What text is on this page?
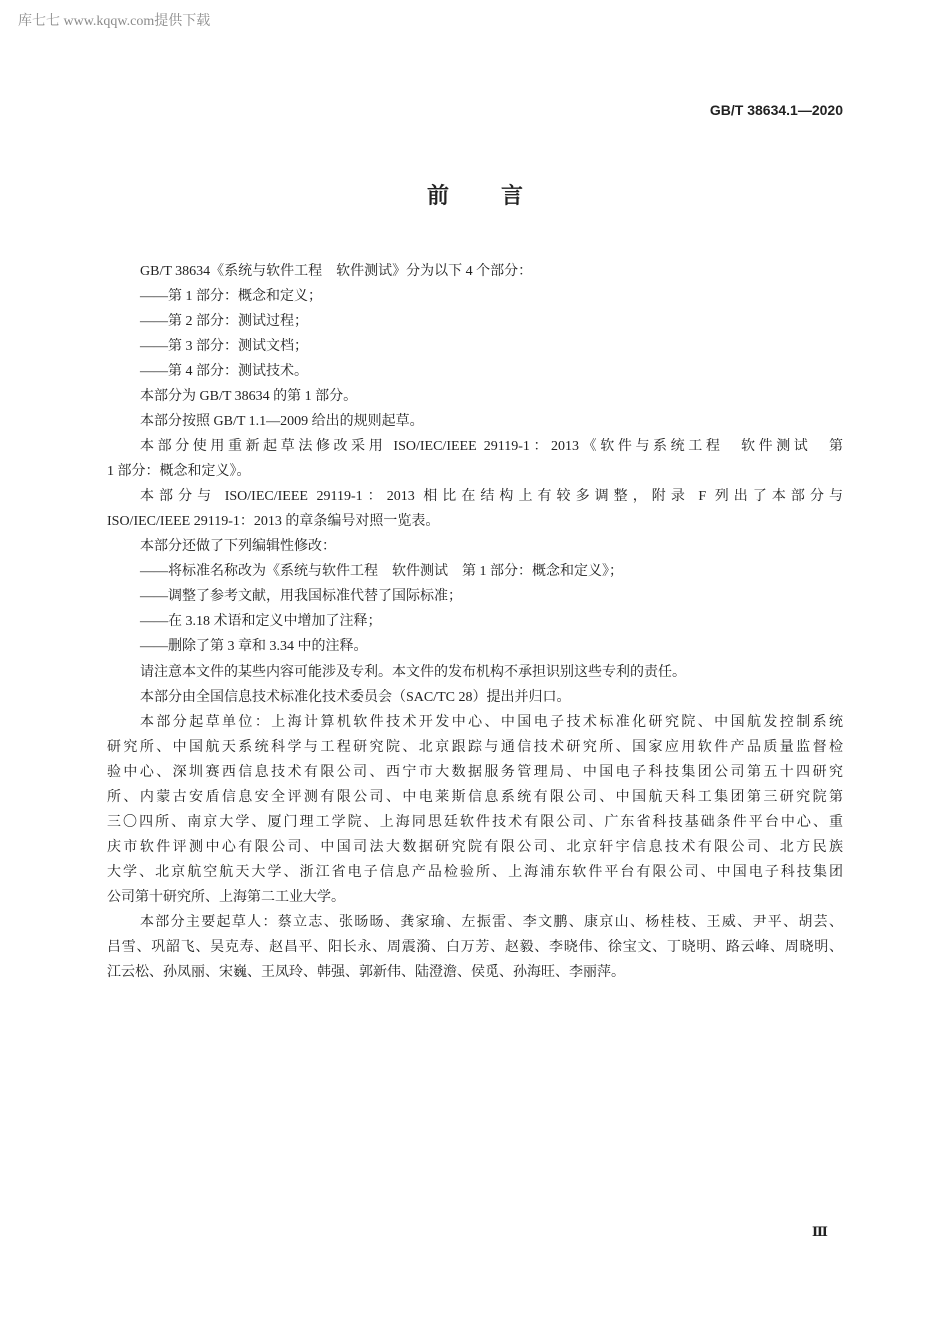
库七七 www.kqqw.com提供下载
GB/T 38634.1—2020
前　言
GB/T 38634《系统与软件工程　软件测试》分为以下 4 个部分：
——第 1 部分：概念和定义；
——第 2 部分：测试过程；
——第 3 部分：测试文档；
——第 4 部分：测试技术。
本部分为 GB/T 38634 的第 1 部分。
本部分按照 GB/T 1.1—2009 给出的规则起草。
本部分使用重新起草法修改采用 ISO/IEC/IEEE 29119-1：2013《软件与系统工程　软件测试　第
1 部分：概念和定义》。
本部分与 ISO/IEC/IEEE 29119-1：2013 相比在结构上有较多调整，附录 F 列出了本部分与
ISO/IEC/IEEE 29119-1：2013 的章条编号对照一览表。
本部分还做了下列编辑性修改：
——将标准名称改为《系统与软件工程　软件测试　第 1 部分：概念和定义》；
——调整了参考文献，用我国标准代替了国际标准；
——在 3.18 术语和定义中增加了注释；
——删除了第 3 章和 3.34 中的注释。
请注意本文件的某些内容可能涉及专利。本文件的发布机构不承担识别这些专利的责任。
本部分由全国信息技术标准化技术委员会（SAC/TC 28）提出并归口。
本部分起草单位：上海计算机软件技术开发中心、中国电子技术标准化研究院、中国航发控制系统
研究所、中国航天系统科学与工程研究院、北京跟踪与通信技术研究所、国家应用软件产品质量监督检
验中心、深圳赛西信息技术有限公司、西宁市大数据服务管理局、中国电子科技集团公司第五十四研究
所、内蒙古安盾信息安全评测有限公司、中电莱斯信息系统有限公司、中国航天科工集团第三研究院第
三〇四所、南京大学、厦门理工学院、上海同思廷软件技术有限公司、广东省科技基础条件平台中心、重
庆市软件评测中心有限公司、中国司法大数据研究院有限公司、北京轩宇信息技术有限公司、北方民族
大学、北京航空航天大学、浙江省电子信息产品检验所、上海浦东软件平台有限公司、中国电子科技集团
公司第十研究所、上海第二工业大学。
本部分主要起草人：蔡立志、张旸旸、龚家瑜、左振雷、李文鹏、康京山、杨桂枝、王威、尹平、胡芸、
吕雪、巩韶飞、吴克寿、赵昌平、阳长永、周震漪、白万芳、赵毅、李晓伟、徐宝文、丁晓明、路云峰、周晓明、
江云松、孙凤丽、宋巍、王凤玲、韩强、郭新伟、陆澄澹、侯觅、孙海旺、李丽萍。
Ⅲ
